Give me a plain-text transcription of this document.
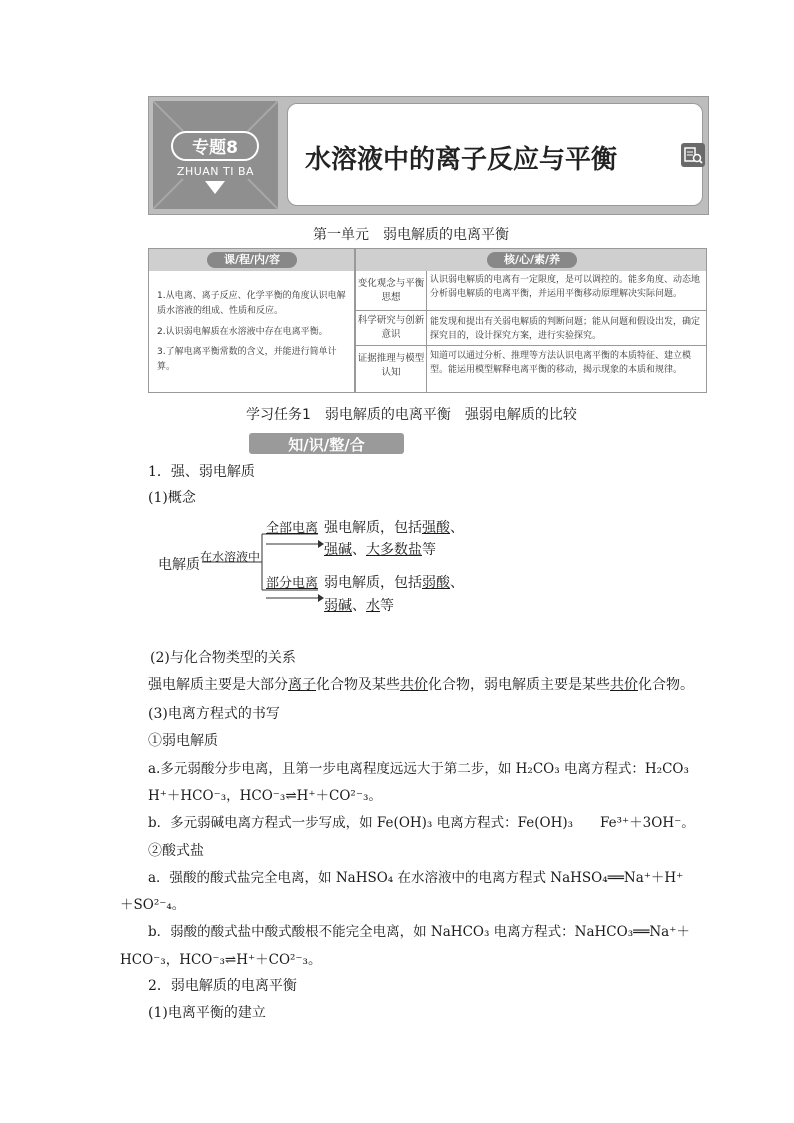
专题8
ZHUAN TI BA	水溶液中的离子反应与平衡
第一单元　弱电解质的电离平衡
课/程/内/容	核/心/素/养
1.从电离、离子反应、化学平衡的角度认识电解质水溶液的组成、性质和反应。
2.认识弱电解质在水溶液中存在电离平衡。
3.了解电离平衡常数的含义，并能进行简单计算。
变化观念与平衡思想
认识弱电解质的电离有一定限度，是可以调控的。能多角度、动态地分析弱电解质的电离平衡，并运用平衡移动原理解决实际问题。
科学研究与创新意识
能发现和提出有关弱电解质的判断问题；能从问题和假设出发，确定探究目的，设计探究方案，进行实验探究。
证据推理与模型认知
知道可以通过分析、推理等方法认识电离平衡的本质特征、建立模型。能运用模型解释电离平衡的移动，揭示现象的本质和规律。
学习任务1　弱电解质的电离平衡　强弱电解质的比较
知/识/整/合
1．强、弱电解质
(1)概念
电解质 在水溶液中
全部电离
部分电离
强电解质，包括强酸、
强碱、大多数盐等
弱电解质，包括弱酸、
弱碱、水等
(2)与化合物类型的关系
强电解质主要是大部分离子化合物及某些共价化合物，弱电解质主要是某些共价化合物。
(3)电离方程式的书写
①弱电解质
a.多元弱酸分步电离，且第一步电离程度远远大于第二步，如 H₂CO₃ 电离方程式：H₂CO₃
H⁺＋HCO⁻₃，HCO⁻₃⇌H⁺＋CO²⁻₃。
b．多元弱碱电离方程式一步写成，如 Fe(OH)₃ 电离方程式：Fe(OH)₃　　Fe³⁺＋3OH⁻。
②酸式盐
a．强酸的酸式盐完全电离，如 NaHSO₄ 在水溶液中的电离方程式 NaHSO₄══Na⁺＋H⁺
＋SO²⁻₄。
b．弱酸的酸式盐中酸式酸根不能完全电离，如 NaHCO₃ 电离方程式：NaHCO₃══Na⁺＋
HCO⁻₃，HCO⁻₃⇌H⁺＋CO²⁻₃。
2．弱电解质的电离平衡
(1)电离平衡的建立
